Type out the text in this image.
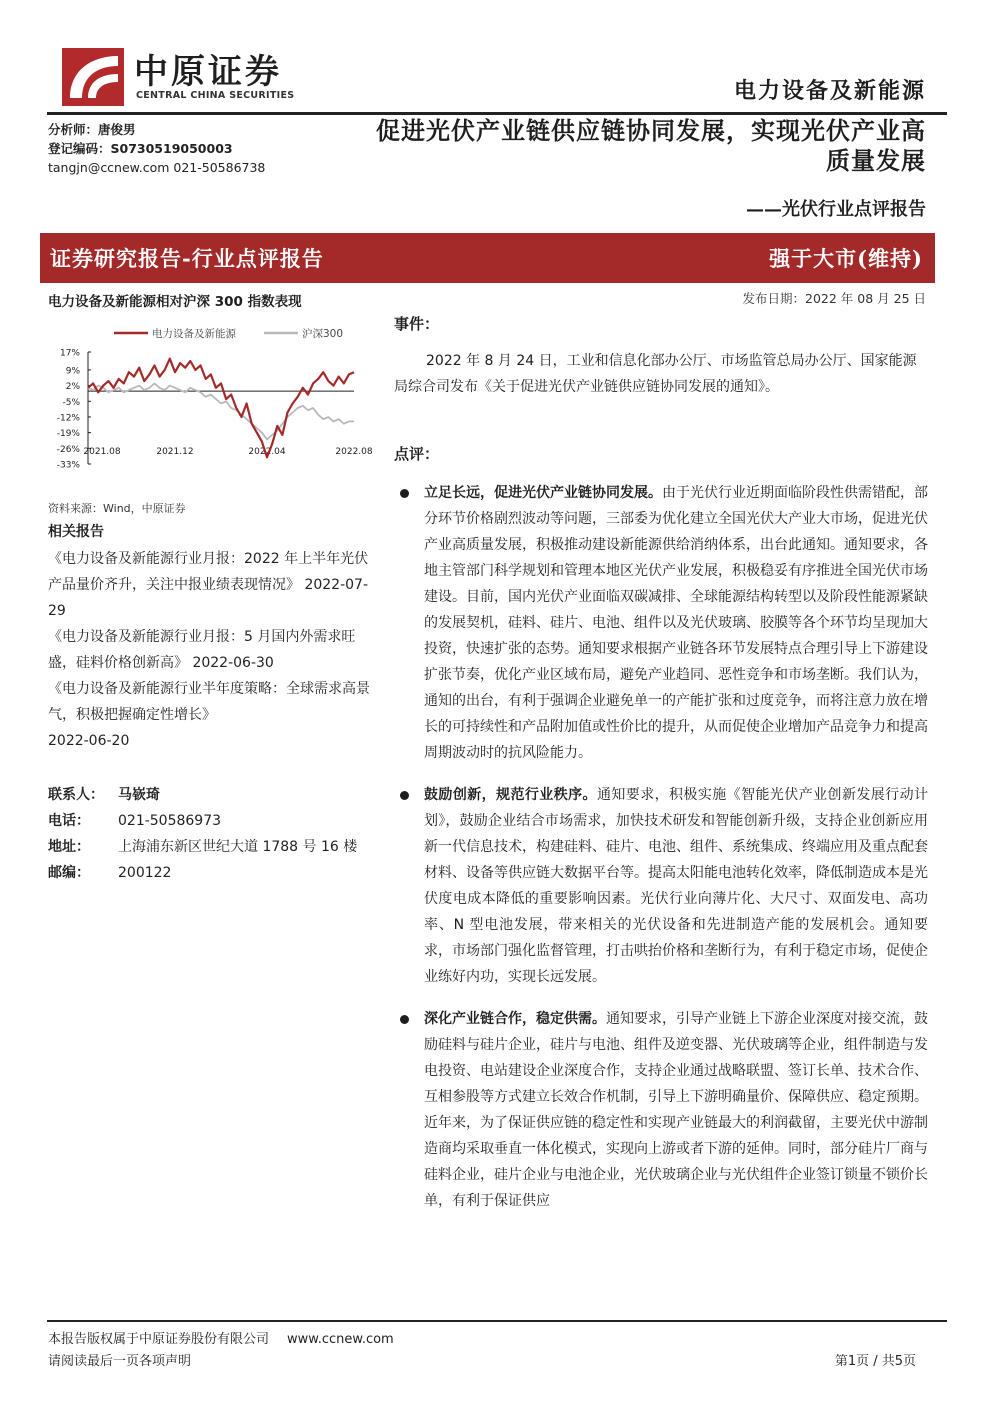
中原证券
CENTRAL CHINA SECURITIES	电力设备及新能源
分析师：唐俊男
登记编码：S0730519050003
tangjn@ccnew.com 021-50586738
促进光伏产业链供应链协同发展，实现光伏产业高质量发展
——光伏行业点评报告
证券研究报告-行业点评报告	强于大市(维持)
电力设备及新能源相对沪深 300 指数表现
电力设备及新能源	沪深300
17%
9%
2%
-5%
-12%
-19%
-26%
-33%
2021.08	2021.12	2022.04	2022.08
资料来源：Wind，中原证券
相关报告

《电力设备及新能源行业月报：2022 年上半年光伏产品量价齐升，关注中报业绩表现情况》 2022-07-29

《电力设备及新能源行业月报：5 月国内外需求旺盛，硅料价格创新高》 2022-06-30

《电力设备及新能源行业半年度策略：全球需求高景气，积极把握确定性增长》
2022-06-20

联系人：	马嵚琦
电话：	021-50586973
地址：	上海浦东新区世纪大道 1788 号 16 楼
邮编：	200122
发布日期：2022 年 08 月 25 日
事件：

2022 年 8 月 24 日，工业和信息化部办公厅、市场监管总局办公厅、国家能源局综合司发布《关于促进光伏产业链供应链协同发展的通知》。

点评：
立足长远，促进光伏产业链协同发展。由于光伏行业近期面临阶段性供需错配，部分环节价格剧烈波动等问题，三部委为优化建立全国光伏大产业大市场，促进光伏产业高质量发展，积极推动建设新能源供给消纳体系，出台此通知。通知要求，各地主管部门科学规划和管理本地区光伏产业发展，积极稳妥有序推进全国光伏市场建设。目前，国内光伏产业面临双碳减排、全球能源结构转型以及阶段性能源紧缺的发展契机，硅料、硅片、电池、组件以及光伏玻璃、胶膜等各个环节均呈现加大投资，快速扩张的态势。通知要求根据产业链各环节发展特点合理引导上下游建设扩张节奏，优化产业区域布局，避免产业趋同、恶性竞争和市场垄断。我们认为，通知的出台，有利于强调企业避免单一的产能扩张和过度竞争，而将注意力放在增长的可持续性和产品附加值或性价比的提升，从而促使企业增加产品竞争力和提高周期波动时的抗风险能力。
鼓励创新，规范行业秩序。通知要求，积极实施《智能光伏产业创新发展行动计划》，鼓励企业结合市场需求，加快技术研发和智能创新升级，支持企业创新应用新一代信息技术，构建硅料、硅片、电池、组件、系统集成、终端应用及重点配套材料、设备等供应链大数据平台等。提高太阳能电池转化效率，降低制造成本是光伏度电成本降低的重要影响因素。光伏行业向薄片化、大尺寸、双面发电、高功率、N 型电池发展，带来相关的光伏设备和先进制造产能的发展机会。通知要求，市场部门强化监督管理，打击哄抬价格和垄断行为，有利于稳定市场，促使企业练好内功，实现长远发展。
深化产业链合作，稳定供需。通知要求，引导产业链上下游企业深度对接交流，鼓励硅料与硅片企业，硅片与电池、组件及逆变器、光伏玻璃等企业，组件制造与发电投资、电站建设企业深度合作，支持企业通过战略联盟、签订长单、技术合作、互相参股等方式建立长效合作机制，引导上下游明确量价、保障供应、稳定预期。近年来，为了保证供应链的稳定性和实现产业链最大的利润截留，主要光伏中游制造商均采取垂直一体化模式，实现向上游或者下游的延伸。同时，部分硅片厂商与硅料企业，硅片企业与电池企业，光伏玻璃企业与光伏组件企业签订锁量不锁价长单，有利于保证供应
本报告版权属于中原证券股份有限公司 www.ccnew.com
请阅读最后一页各项声明	第1页 / 共5页
